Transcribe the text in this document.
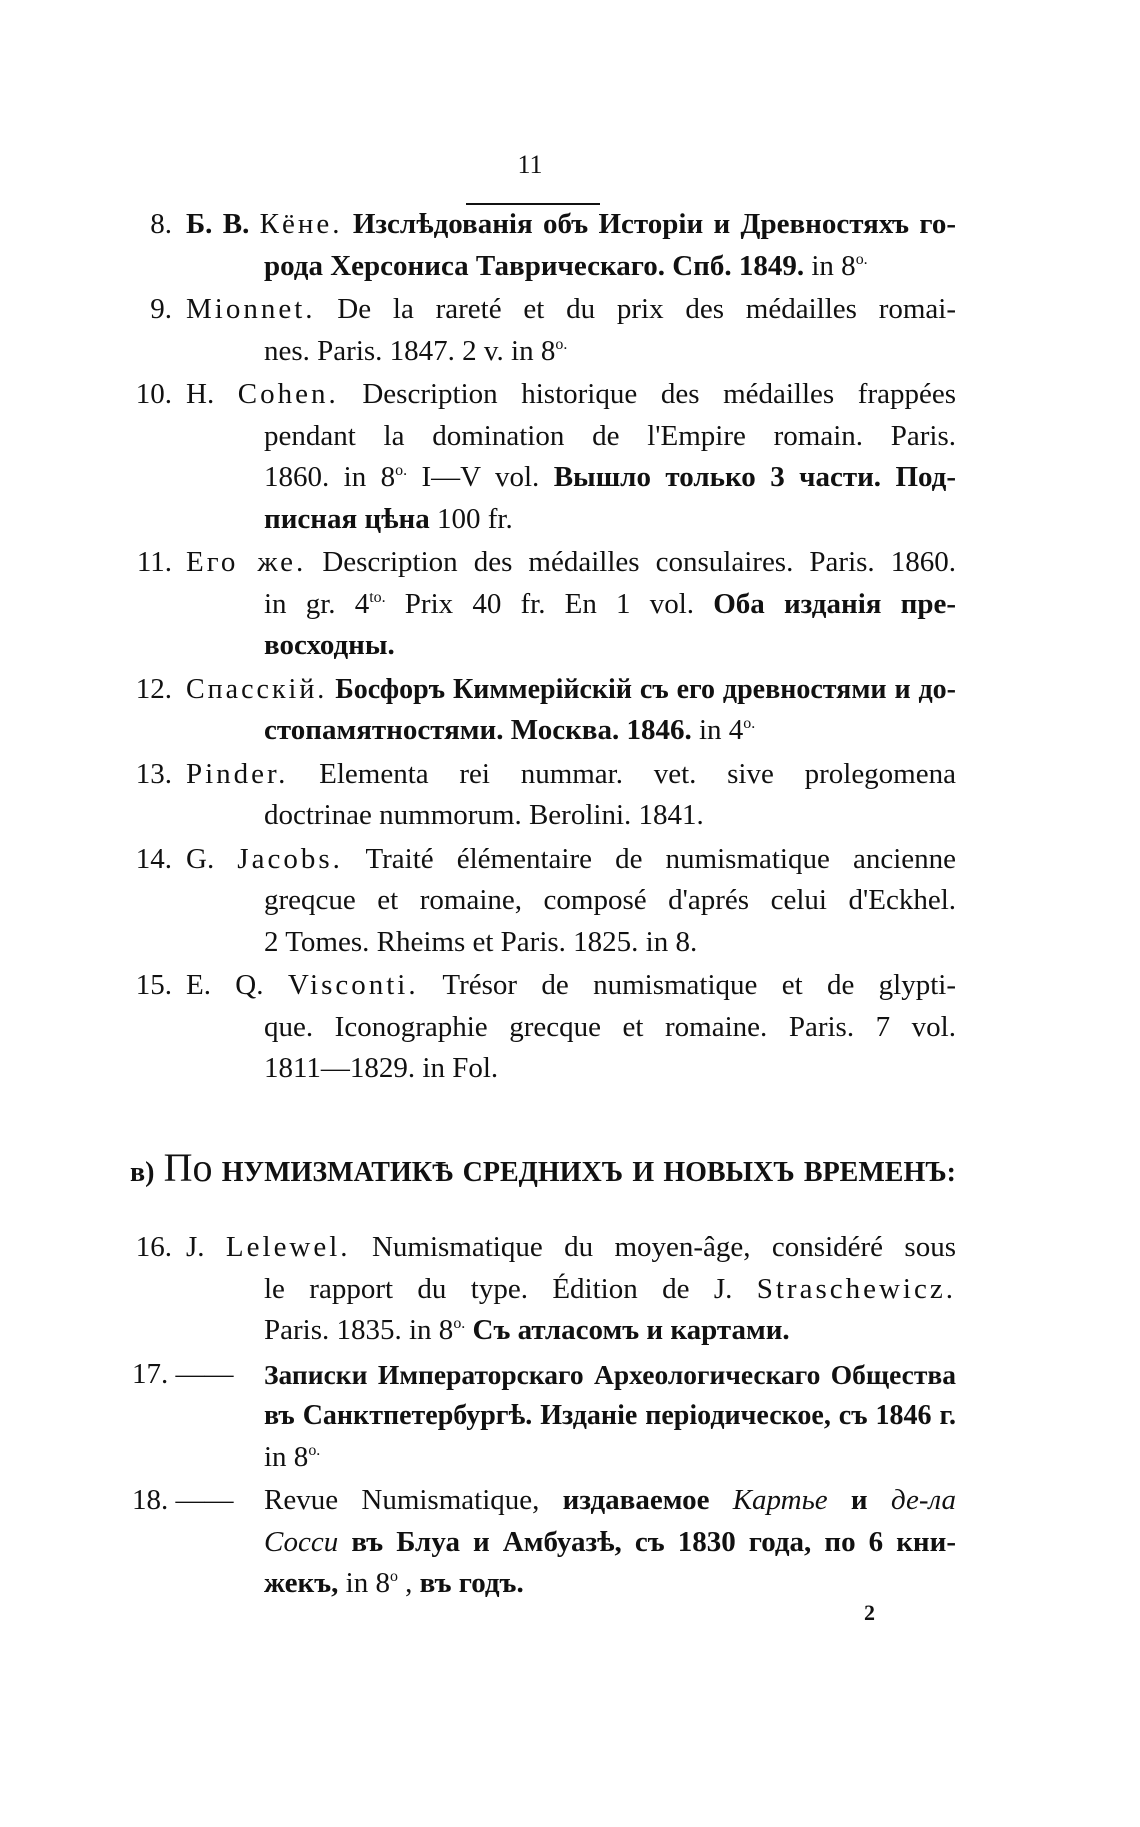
11
8. Б. В. Кёне. Изслѣдованія объ Исторіи и Древностяхъ го-
рода Херсониса Таврическаго. Спб. 1849. in $8^{o.}$
9. Mionnet. De la rareté et du prix des médailles romai-
nes. Paris. 1847. 2 v. in $8^{o.}$
10. H. Cohen. Description historique des médailles frappées
pendant la domination de l'Empire romain. Paris.
1860. in $8^{o.}$ I—V vol. Вышло только 3 части. Под-
писная цѣна 100 fr.
11. Его же. Description des médailles consulaires. Paris. 1860.
in gr. $4^{to.}$ Prix 40 fr. En 1 vol. Оба изданія пре-
восходны.
12. Спасскій. Босфоръ Киммерійскій съ его древностями и до-
стопамятностями. Москва. 1846. in $4^{o.}$
13. Pinder. Elementa rei nummar. vet. sive prolegomena
doctrinae nummorum. Berolini. 1841.
14. G. Jacobs. Traité élémentaire de numismatique ancienne
greqcue et romaine, composé d'aprés celui d'Eckhel.
2 Tomes. Rheims et Paris. 1825. in 8.
15. E. Q. Visconti. Trésor de numismatique et de glypti-
que. Iconographie grecque et romaine. Paris. 7 vol.
1811—1829. in Fol.
в) По НУМИЗМАТИКѢ СРЕДНИХЪ И НОВЫХЪ ВРЕМЕНЪ:
16. J. Lelewel. Numismatique du moyen-âge, considéré sous
le rapport du type. Édition de J. Straschewicz.
Paris. 1835. in $8^{o.}$ Съ атласомъ и картами.
17. ——	Записки Императорскаго Археологическаго Общества
въ Санктпетербургѣ. Изданіе періодическое, съ 1846 г.
in $8^{o.}$
18. ——	Revue Numismatique, издаваемое Картье и де-ла
Сосси въ Блуа и Амбуазѣ, съ 1830 года, по 6 кни-
жекъ, in 8$^o$ , въ годъ.
2
